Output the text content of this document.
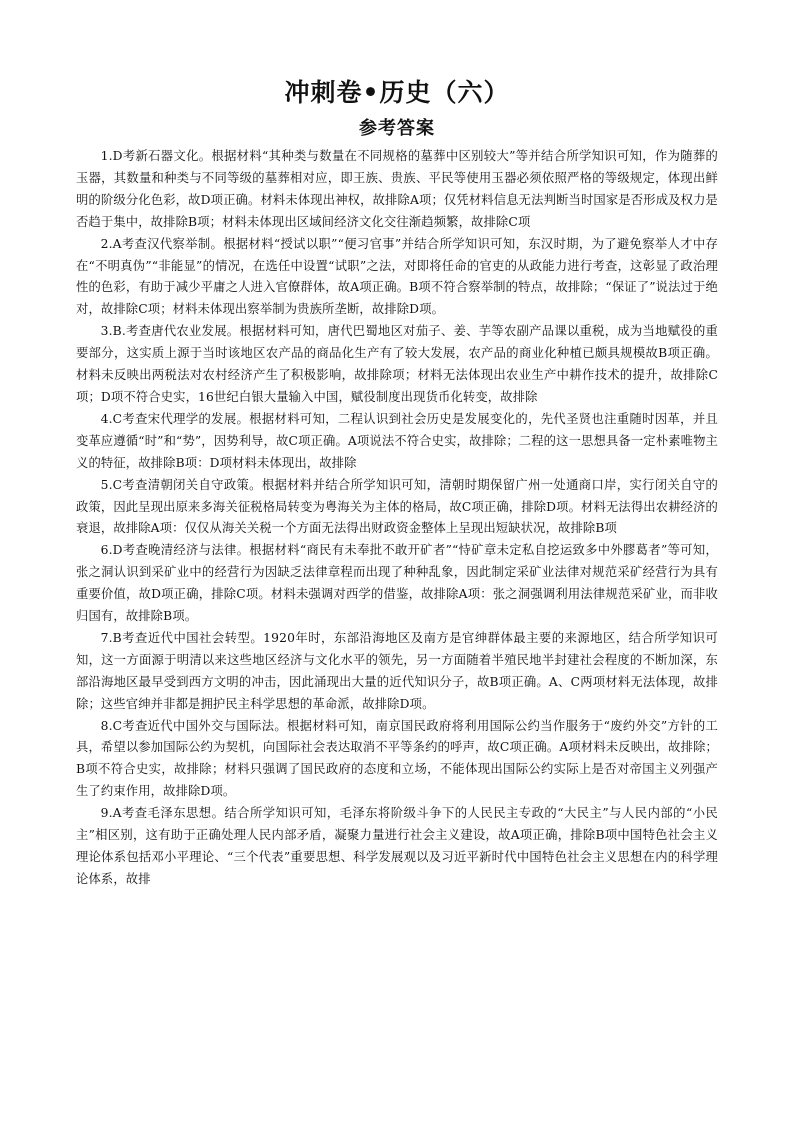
冲刺卷•历史（六）
参考答案

1.D考新石器文化。根据材料“其种类与数量在不同规格的墓葬中区别较大”等并结合所学知识可知，作为随葬的玉器，其数量和种类与不同等级的墓葬相对应，即王族、贵族、平民等使用玉器必须依照严格的等级规定，体现出鲜明的阶级分化色彩，故D项正确。材料未体现出神权，故排除A项；仅凭材料信息无法判断当时国家是否形成及权力是否趋于集中，故排除B项；材料未体现出区域间经济文化交往渐趋频繁，故排除C项

2.A考查汉代察举制。根据材料“授试以职”“便习官事”并结合所学知识可知，东汉时期，为了避免察举人才中存在“不明真伪”“非能显”的情况，在选任中设置“试职”之法，对即将任命的官吏的从政能力进行考查，这彰显了政治理性的色彩，有助于减少平庸之人进入官僚群体，故A项正确。B项不符合察举制的特点，故排除；“保证了”说法过于绝对，故排除C项；材料未体现出察举制为贵族所垄断，故排除D项。

3.B.考查唐代农业发展。根据材料可知，唐代巴蜀地区对茄子、姜、芋等农副产品课以重税，成为当地赋役的重要部分，这实质上源于当时该地区农产品的商品化生产有了较大发展，农产品的商业化种植已颇具规模故B项正确。材料未反映出两税法对农村经济产生了积极影响，故排除项；材料无法体现出农业生产中耕作技术的提升，故排除C项；D项不符合史实，16世纪白银大量输入中国，赋役制度出现货币化转变，故排除

4.C考查宋代理学的发展。根据材料可知，二程认识到社会历史是发展变化的，先代圣贤也注重随时因革，并且变革应遵循“时”和“势”，因势利导，故C项正确。A项说法不符合史实，故排除；二程的这一思想具备一定朴素唯物主义的特征，故排除B项：D项材料未体现出，故排除

5.C考查清朝闭关自守政策。根据材料并结合所学知识可知，清朝时期保留广州一处通商口岸，实行闭关自守的政策，因此呈现出原来多海关征税格局转变为粤海关为主体的格局，故C项正确，排除D项。材料无法得出农耕经济的衰退，故排除A项：仅仅从海关关税一个方面无法得出财政资金整体上呈现出短缺状况，故排除B项

6.D考查晚清经济与法律。根据材料“商民有未奉批不敢开矿者”“恃矿章未定私自挖运致多中外膠葛者”等可知，张之洞认识到采矿业中的经营行为因缺乏法律章程而出现了种种乱象，因此制定采矿业法律对规范采矿经营行为具有重要价值，故D项正确，排除C项。材料未强调对西学的借鉴，故排除A项：张之洞强调利用法律规范采矿业，而非收归国有，故排除B项。

7.B考查近代中国社会转型。1920年时，东部沿海地区及南方是官绅群体最主要的来源地区，结合所学知识可知，这一方面源于明清以来这些地区经济与文化水平的领先，另一方面随着半殖民地半封建社会程度的不断加深，东部沿海地区最早受到西方文明的冲击，因此涌现出大量的近代知识分子，故B项正确。A、C两项材料无法体现，故排除；这些官绅并非都是拥护民主科学思想的革命派，故排除D项。

8.C考查近代中国外交与国际法。根据材料可知，南京国民政府将利用国际公约当作服务于“废约外交”方针的工具，希望以参加国际公约为契机，向国际社会表达取消不平等条约的呼声，故C项正确。A项材料未反映出，故排除；B项不符合史实，故排除；材料只强调了国民政府的态度和立场，不能体现出国际公约实际上是否对帝国主义列强产生了约束作用，故排除D项。

9.A考查毛泽东思想。结合所学知识可知，毛泽东将阶级斗争下的人民民主专政的“大民主”与人民内部的“小民主”相区别，这有助于正确处理人民内部矛盾，凝聚力量进行社会主义建设，故A项正确，排除B项中国特色社会主义理论体系包括邓小平理论、“三个代表”重要思想、科学发展观以及习近平新时代中国特色社会主义思想在内的科学理论体系，故排
